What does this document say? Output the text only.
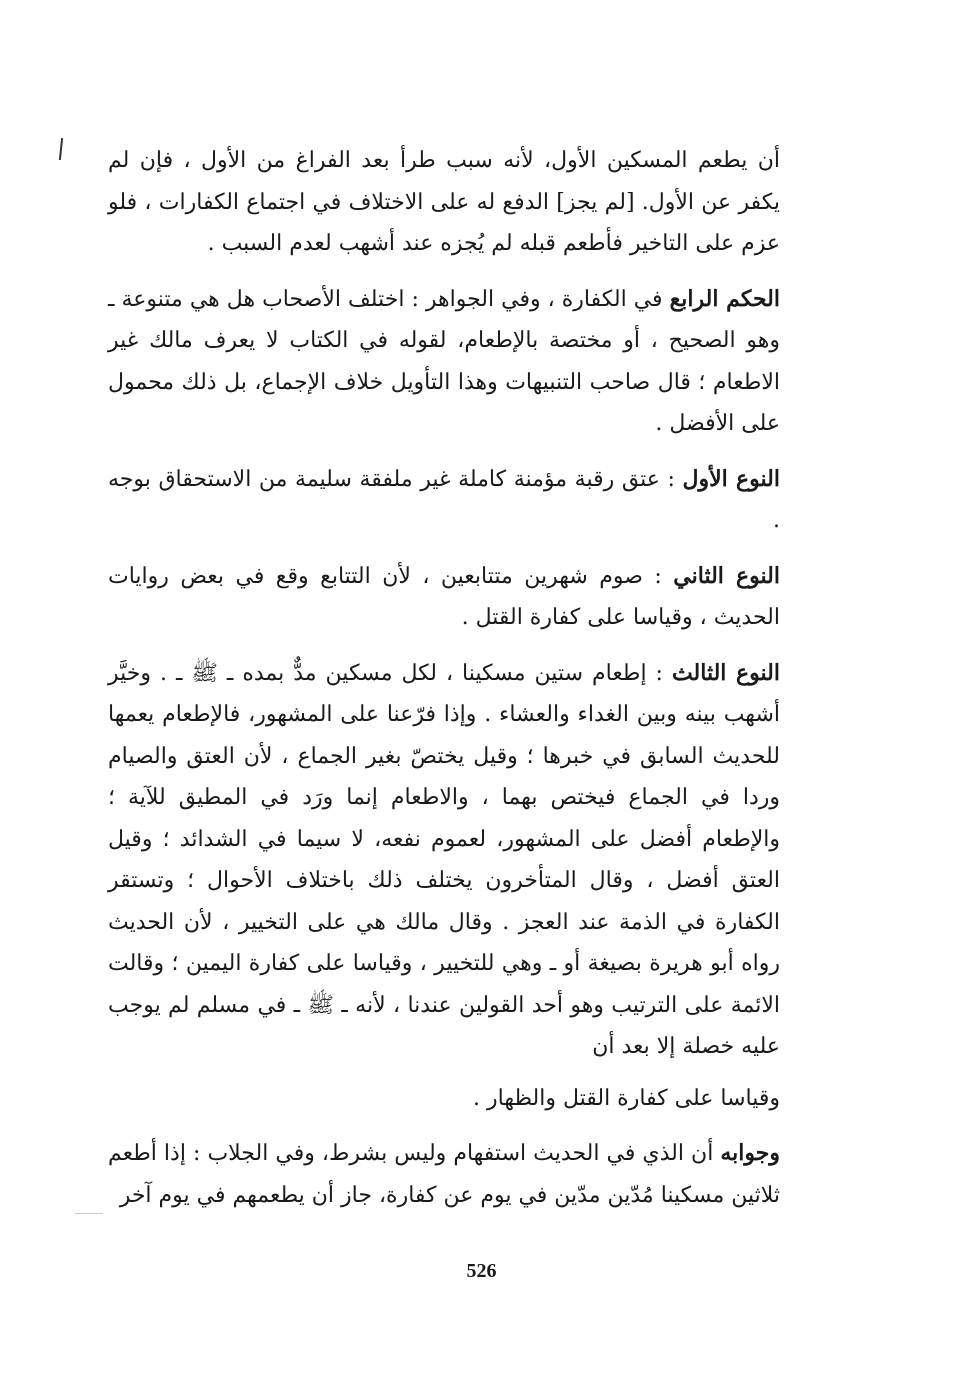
أن يطعم المسكين الأول، لأنه سبب طرأ بعد الفراغ من الأول ، فإن لم يكفر عن الأول. [لم يجز] الدفع له على الاختلاف في اجتماع الكفارات ، فلو عزم على التاخير فأطعم قبله لم يُجزه عند أشهب لعدم السبب .

الحكم الرابع في الكفارة ، وفي الجواهر : اختلف الأصحاب هل هي متنوعة ـ وهو الصحيح ، أو مختصة بالإطعام، لقوله في الكتاب لا يعرف مالك غير الاطعام ؛ قال صاحب التنبيهات وهذا التأويل خلاف الإجماع، بل ذلك محمول على الأفضل .

النوع الأول : عتق رقبة مؤمنة كاملة غير ملفقة سليمة من الاستحقاق بوجه .

النوع الثاني : صوم شهرين متتابعين ، لأن التتابع وقع في بعض روايات الحديث ، وقياسا على كفارة القتل .

النوع الثالث : إطعام ستين مسكينا ، لكل مسكين مدٌّ بمده ـ ﷺ ـ . وخيَّر أشهب بينه وبين الغداء والعشاء . وإذا فرّعنا على المشهور، فالإطعام يعمها للحديث السابق في خبرها ؛ وقيل يختصّ بغير الجماع ، لأن العتق والصيام وردا في الجماع فيختص بهما ، والاطعام إنما ورَد في المطيق للآية ؛ والإطعام أفضل على المشهور، لعموم نفعه، لا سيما في الشدائد ؛ وقيل العتق أفضل ، وقال المتأخرون يختلف ذلك باختلاف الأحوال ؛ وتستقر الكفارة في الذمة عند العجز . وقال مالك هي على التخيير ، لأن الحديث رواه أبو هريرة بصيغة أو ـ وهي للتخيير ، وقياسا على كفارة اليمين ؛ وقالت الائمة على الترتيب وهو أحد القولين عندنا ، لأنه ـ ﷺ ـ في مسلم لم يوجب عليه خصلة إلا بعد أن

وقياسا على كفارة القتل والظهار .

وجوابه أن الذي في الحديث استفهام وليس بشرط، وفي الجلاب : إذا أطعم ثلاثين مسكينا مُدّين مدّين في يوم عن كفارة، جاز أن يطعمهم في يوم آخر

526
